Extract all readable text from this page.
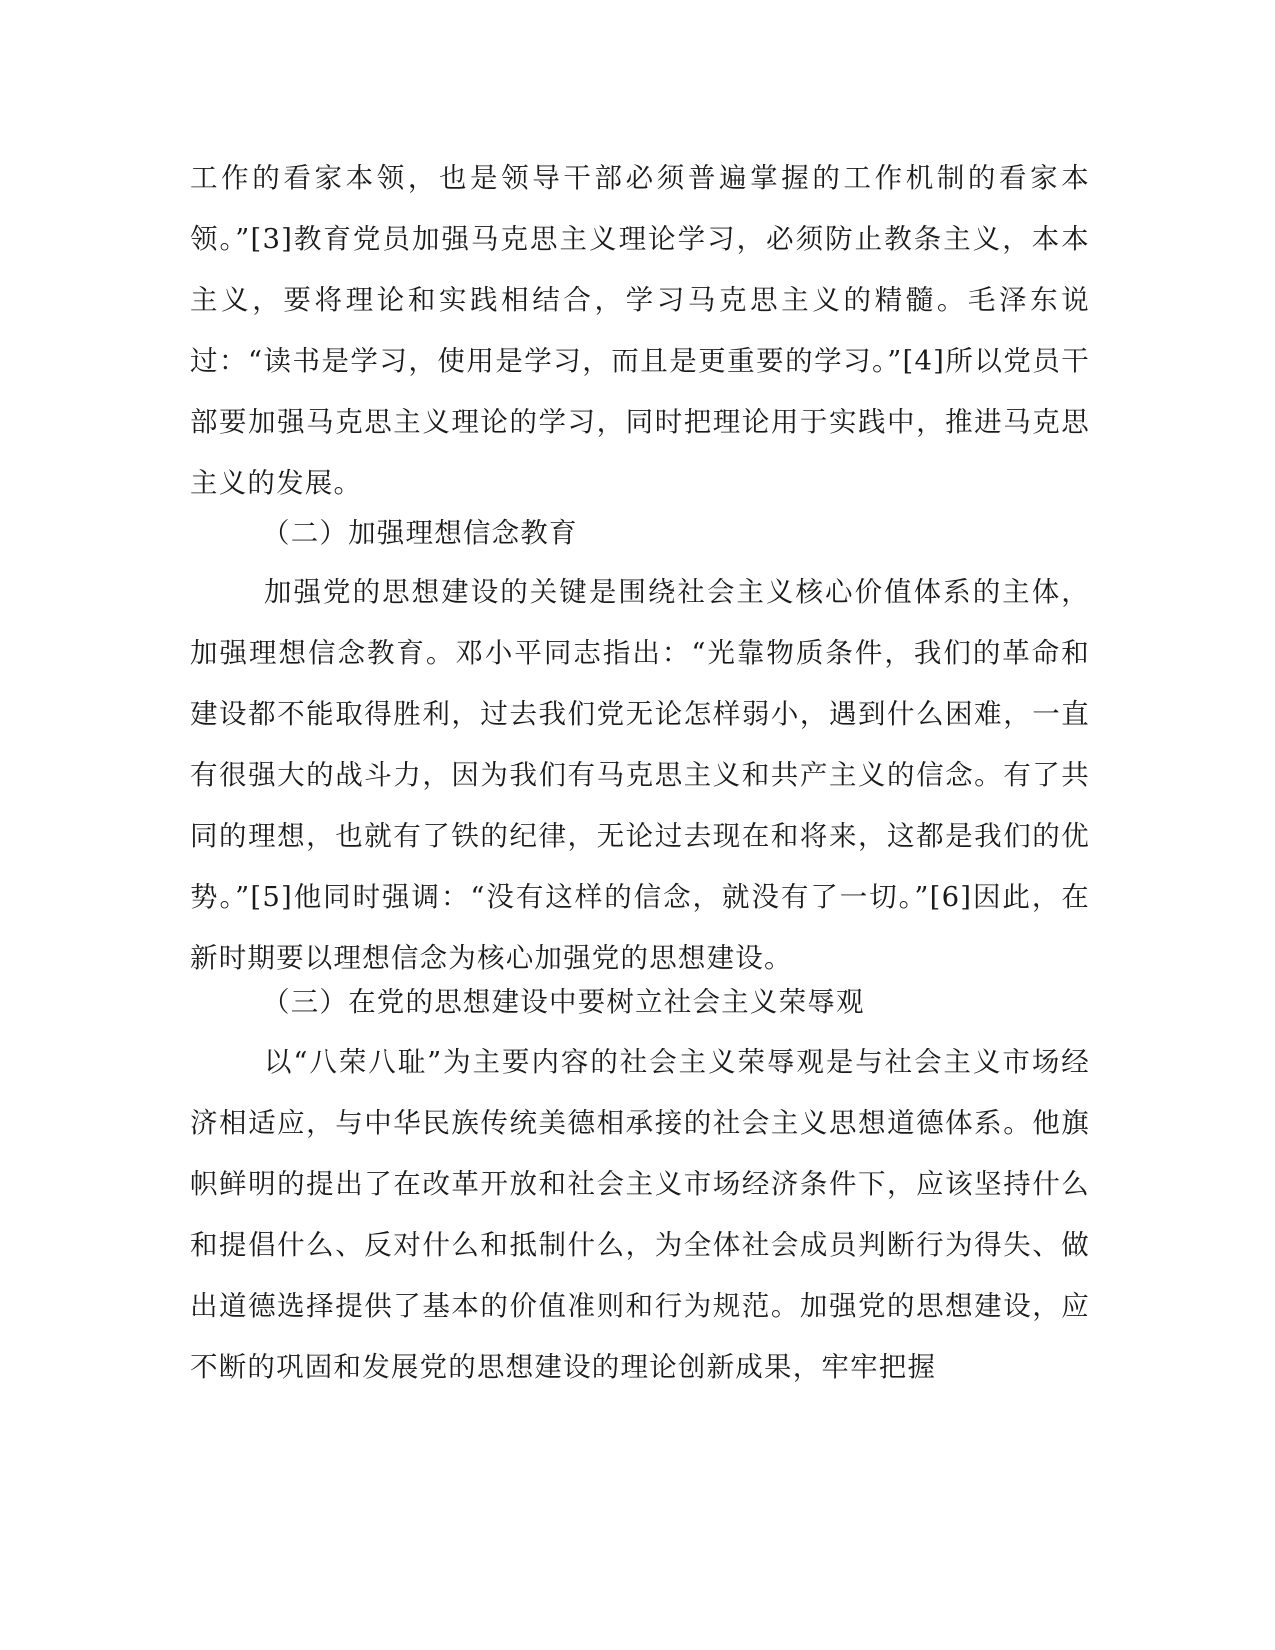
工作的看家本领，也是领导干部必须普遍掌握的工作机制的看家本领。”[3]教育党员加强马克思主义理论学习，必须防止教条主义，本本主义，要将理论和实践相结合，学习马克思主义的精髓。毛泽东说过：“读书是学习，使用是学习，而且是更重要的学习。”[4]所以党员干部要加强马克思主义理论的学习，同时把理论用于实践中，推进马克思主义的发展。

（二）加强理想信念教育

加强党的思想建设的关键是围绕社会主义核心价值体系的主体，加强理想信念教育。邓小平同志指出：“光靠物质条件，我们的革命和建设都不能取得胜利，过去我们党无论怎样弱小，遇到什么困难，一直有很强大的战斗力，因为我们有马克思主义和共产主义的信念。有了共同的理想，也就有了铁的纪律，无论过去现在和将来，这都是我们的优势。”[5]他同时强调：“没有这样的信念，就没有了一切。”[6]因此，在新时期要以理想信念为核心加强党的思想建设。

（三）在党的思想建设中要树立社会主义荣辱观

以“八荣八耻”为主要内容的社会主义荣辱观是与社会主义市场经济相适应，与中华民族传统美德相承接的社会主义思想道德体系。他旗帜鲜明的提出了在改革开放和社会主义市场经济条件下，应该坚持什么和提倡什么、反对什么和抵制什么，为全体社会成员判断行为得失、做出道德选择提供了基本的价值准则和行为规范。加强党的思想建设，应不断的巩固和发展党的思想建设的理论创新成果，牢牢把握
